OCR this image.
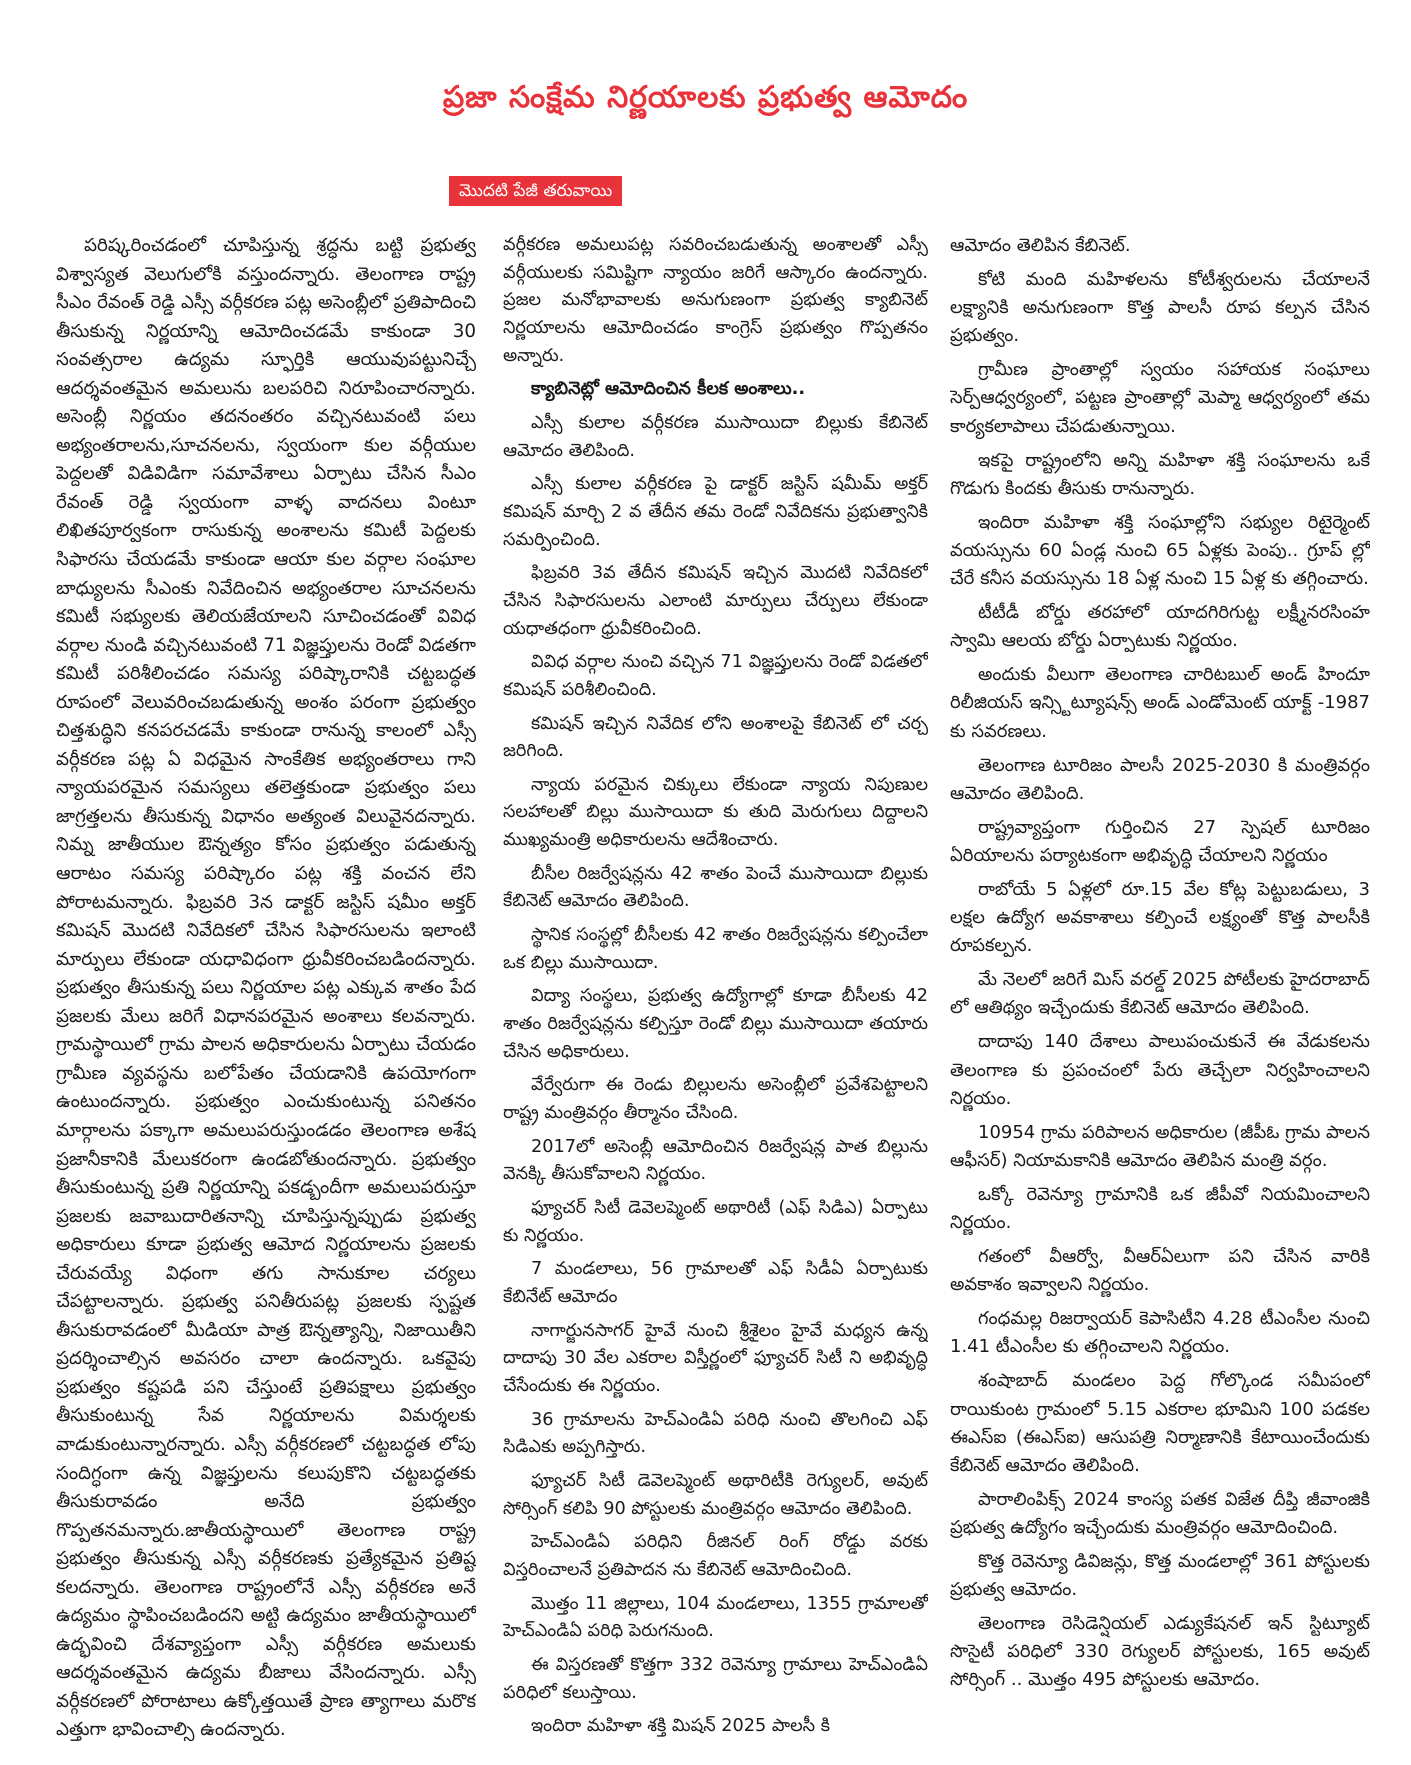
ప్రజా సంక్షేమ నిర్ణయాలకు ప్రభుత్వ ఆమోదం
మొదటి పేజీ తరువాయి

పరిష్కరించడంలో చూపిస్తున్న శ్రద్ధను బట్టి ప్రభుత్వ విశ్వాస్యత వెలుగులోకి వస్తుందన్నారు. తెలంగాణ రాష్ట్ర సీఎం రేవంత్ రెడ్డి ఎస్సీ వర్గీకరణ పట్ల అసెంబ్లీలో ప్రతిపాదించి తీసుకున్న నిర్ణయాన్ని ఆమోదించడమే కాకుండా 30 సంవత్సరాల ఉద్యమ స్ఫూర్తికి ఆయువుపట్టునిచ్చే ఆదర్శవంతమైన అమలును బలపరిచి నిరూపించారన్నారు. అసెంబ్లీ నిర్ణయం తదనంతరం వచ్చినటువంటి పలు అభ్యంతరాలను,సూచనలను, స్వయంగా కుల వర్గీయుల పెద్దలతో విడివిడిగా సమావేశాలు ఏర్పాటు చేసిన సీఎం రేవంత్ రెడ్డి స్వయంగా వాళ్ళ వాదనలు వింటూ లిఖితపూర్వకంగా రాసుకున్న అంశాలను కమిటీ పెద్దలకు సిఫారసు చేయడమే కాకుండా ఆయా కుల వర్గాల సంఘాల బాధ్యులను సీఎంకు నివేదించిన అభ్యంతరాల సూచనలను కమిటీ సభ్యులకు తెలియజేయాలని సూచించడంతో వివిధ వర్గాల నుండి వచ్చినటువంటి 71 విజ్ఞప్తులను రెండో విడతగా కమిటీ పరిశీలించడం సమస్య పరిష్కారానికి చట్టబద్ధత రూపంలో వెలువరించబడుతున్న అంశం పరంగా ప్రభుత్వం చిత్తశుద్ధిని కనపరచడమే కాకుండా రానున్న కాలంలో ఎస్సీ వర్గీకరణ పట్ల ఏ విధమైన సాంకేతిక అభ్యంతరాలు గాని న్యాయపరమైన సమస్యలు తలెత్తకుండా ప్రభుత్వం పలు జాగ్రత్తలను తీసుకున్న విధానం అత్యంత విలువైనదన్నారు. నిమ్న జాతీయుల ఔన్నత్యం కోసం ప్రభుత్వం పడుతున్న ఆరాటం సమస్య పరిష్కారం పట్ల శక్తి వంచన లేని పోరాటమన్నారు. ఫిబ్రవరి 3న డాక్టర్ జస్టిస్ షమీం అక్తర్ కమిషన్ మొదటి నివేదికలో చేసిన సిఫారసులను ఇలాంటి మార్పులు లేకుండా యధావిధంగా ధ్రువీకరించబడిందన్నారు. ప్రభుత్వం తీసుకున్న పలు నిర్ణయాల పట్ల ఎక్కువ శాతం పేద ప్రజలకు మేలు జరిగే విధానపరమైన అంశాలు కలవన్నారు. గ్రామస్థాయిలో గ్రామ పాలన అధికారులను ఏర్పాటు చేయడం గ్రామీణ వ్యవస్థను బలోపేతం చేయడానికి ఉపయోగంగా ఉంటుందన్నారు. ప్రభుత్వం ఎంచుకుంటున్న పనితనం మార్గాలను పక్కాగా అమలుపరుస్తుండడం తెలంగాణ అశేష ప్రజానీకానికి మేలుకరంగా ఉండబోతుందన్నారు. ప్రభుత్వం తీసుకుంటున్న ప్రతి నిర్ణయాన్ని పకడ్బందీగా అమలుపరుస్తూ ప్రజలకు జవాబుదారితనాన్ని చూపిస్తున్నప్పుడు ప్రభుత్వ అధికారులు కూడా ప్రభుత్వ ఆమోద నిర్ణయాలను ప్రజలకు చేరువయ్యే విధంగా తగు సానుకూల చర్యలు చేపట్టాలన్నారు. ప్రభుత్వ పనితీరుపట్ల ప్రజలకు స్పష్టత తీసుకురావడంలో మీడియా పాత్ర ఔన్నత్యాన్ని, నిజాయితీని ప్రదర్శించాల్సిన అవసరం చాలా ఉందన్నారు. ఒకవైపు ప్రభుత్వం కష్టపడి పని చేస్తుంటే ప్రతిపక్షాలు ప్రభుత్వం తీసుకుంటున్న సేవ నిర్ణయాలను విమర్శలకు వాడుకుంటున్నారన్నారు. ఎస్సీ వర్గీకరణలో చట్టబద్ధత లోపు సందిగ్ధంగా ఉన్న విజ్ఞప్తులను కలుపుకొని చట్టబద్ధతకు తీసుకురావడం అనేది ప్రభుత్వం గొప్పతనమన్నారు.జాతీయస్థాయిలో తెలంగాణ రాష్ట్ర ప్రభుత్వం తీసుకున్న ఎస్సీ వర్గీకరణకు ప్రత్యేకమైన ప్రతిష్ట కలదన్నారు. తెలంగాణ రాష్ట్రంలోనే ఎస్సీ వర్గీకరణ అనే ఉద్యమం స్థాపించబడిందని అట్టి ఉద్యమం జాతీయస్థాయిలో ఉద్భవించి దేశవ్యాప్తంగా ఎస్సీ వర్గీకరణ అమలుకు ఆదర్శవంతమైన ఉద్యమ బీజాలు వేసిందన్నారు. ఎస్సీ వర్గీకరణలో పోరాటాలు ఉక్కోత్తయితే ప్రాణ త్యాగాలు మరొక ఎత్తుగా భావించాల్సి ఉందన్నారు.

వర్గీకరణ అమలుపట్ల సవరించబడుతున్న అంశాలతో ఎస్సీ వర్గీయులకు సమిష్టిగా న్యాయం జరిగే ఆస్కారం ఉందన్నారు. ప్రజల మనోభావాలకు అనుగుణంగా ప్రభుత్వ క్యాబినెట్ నిర్ణయాలను ఆమోదించడం కాంగ్రెస్ ప్రభుత్వం గొప్పతనం అన్నారు.

క్యాబినెట్లో ఆమోదించిన కీలక అంశాలు..

ఎస్సీ కులాల వర్గీకరణ ముసాయిదా బిల్లుకు కేబినెట్ ఆమోదం తెలిపింది.

ఎస్సీ కులాల వర్గీకరణ పై డాక్టర్ జస్టిస్ షమీమ్ అక్తర్ కమిషన్ మార్చి 2 వ తేదీన తమ రెండో నివేదికను ప్రభుత్వానికి సమర్పించింది.

ఫిబ్రవరి 3వ తేదీన కమిషన్ ఇచ్చిన మొదటి నివేదికలో చేసిన సిఫారసులను ఎలాంటి మార్పులు చేర్పులు లేకుండా యధాతధంగా ధ్రువీకరించింది.

వివిధ వర్గాల నుంచి వచ్చిన 71 విజ్ఞప్తులను రెండో విడతలో కమిషన్ పరిశీలించింది.

కమిషన్ ఇచ్చిన నివేదిక లోని అంశాలపై కేబినెట్ లో చర్చ జరిగింది.

న్యాయ పరమైన చిక్కులు లేకుండా న్యాయ నిపుణుల సలహాలతో బిల్లు ముసాయిదా కు తుది మెరుగులు దిద్దాలని ముఖ్యమంత్రి అధికారులను ఆదేశించారు.

బీసీల రిజర్వేషన్లను 42 శాతం పెంచే ముసాయిదా బిల్లుకు కేబినెట్ ఆమోదం తెలిపింది.

స్థానిక సంస్థల్లో బీసీలకు 42 శాతం రిజర్వేషన్లను కల్పించేలా ఒక బిల్లు ముసాయిదా.

విద్యా సంస్థలు, ప్రభుత్వ ఉద్యోగాల్లో కూడా బీసీలకు 42 శాతం రిజర్వేషన్లను కల్పిస్తూ రెండో బిల్లు ముసాయిదా తయారు చేసిన అధికారులు.

వేర్వేరుగా ఈ రెండు బిల్లులను అసెంబ్లీలో ప్రవేశపెట్టాలని రాష్ట్ర మంత్రివర్గం తీర్మానం చేసింది.

2017లో అసెంబ్లీ ఆమోదించిన రిజర్వేషన్ల పాత బిల్లును వెనక్కి తీసుకోవాలని నిర్ణయం.

ఫ్యూచర్ సిటీ డెవెలప్మెంట్ అథారిటీ (ఎఫ్ సిడిఎ) ఏర్పాటు కు నిర్ణయం.

7 మండలాలు, 56 గ్రామాలతో ఎఫ్ సిడీఏ ఏర్పాటుకు కేబినేట్ ఆమోదం

నాగార్జునసాగర్ హైవే నుంచి శ్రీశైలం హైవే మధ్యన ఉన్న దాదాపు 30 వేల ఎకరాల విస్తీర్ణంలో ఫ్యూచర్ సిటీ ని అభివృద్ధి చేసేందుకు ఈ నిర్ణయం.

36 గ్రామాలను హెచ్ఎండిఏ పరిధి నుంచి తొలగించి ఎఫ్ సిడిఎకు అప్పగిస్తారు.

ఫ్యూచర్ సిటీ డెవెలప్మెంట్ అథారిటీకి రెగ్యులర్, అవుట్ సోర్సింగ్ కలిపి 90 పోస్టులకు మంత్రివర్గం ఆమోదం తెలిపింది.

హెచ్ఎండిఏ పరిధిని రీజినల్ రింగ్ రోడ్డు వరకు విస్తరించాలనే ప్రతిపాదన ను కేబినెట్ ఆమోదించింది.

మొత్తం 11 జిల్లాలు, 104 మండలాలు, 1355 గ్రామాలతో హెచ్ఎండిఏ పరిధి పెరుగనుంది.

ఈ విస్తరణతో కొత్తగా 332 రెవెన్యూ గ్రామాలు హెచ్ఎండిఏ పరిధిలో కలుస్తాయి.

ఇందిరా మహిళా శక్తి మిషన్ 2025 పాలసీ కి

ఆమోదం తెలిపిన కేబినెట్.

కోటి మంది మహిళలను కోటీశ్వరులను చేయాలనే లక్ష్యానికి అనుగుణంగా కొత్త పాలసీ రూప కల్పన చేసిన ప్రభుత్వం.

గ్రామీణ ప్రాంతాల్లో స్వయం సహాయక సంఘాలు సెర్ప్ఆధ్వర్యంలో, పట్టణ ప్రాంతాల్లో మెప్మా ఆధ్వర్యంలో తమ కార్యకలాపాలు చేపడుతున్నాయి.

ఇకపై రాష్ట్రంలోని అన్ని మహిళా శక్తి సంఘాలను ఒకే గొడుగు కిందకు తీసుకు రానున్నారు.

ఇందిరా మహిళా శక్తి సంఘాల్లోని సభ్యుల రిటైర్మెంట్ వయస్సును 60 ఏండ్ల నుంచి 65 ఏళ్లకు పెంపు.. గ్రూప్ ల్లో చేరే కనీస వయస్సును 18 ఏళ్ల నుంచి 15 ఏళ్ల కు తగ్గించారు.

టీటీడీ బోర్డు తరహాలో యాదగిరిగుట్ట లక్ష్మీనరసింహ స్వామి ఆలయ బోర్డు ఏర్పాటుకు నిర్ణయం.

అందుకు వీలుగా తెలంగాణ చారిటబుల్ అండ్ హిందూ రిలీజియస్ ఇన్స్టిట్యూషన్స్ అండ్ ఎండోమెంట్ యాక్ట్ -1987 కు సవరణలు.

తెలంగాణ టూరిజం పాలసీ 2025-2030 కి మంత్రివర్గం ఆమోదం తెలిపింది.

రాష్ట్రవ్యాప్తంగా గుర్తించిన 27 స్పెషల్ టూరిజం ఏరియాలను పర్యాటకంగా అభివృద్ధి చేయాలని నిర్ణయం

రాబోయే 5 ఏళ్లలో రూ.15 వేల కోట్ల పెట్టుబడులు, 3 లక్షల ఉద్యోగ అవకాశాలు కల్పించే లక్ష్యంతో కొత్త పాలసీకి రూపకల్పన.

మే నెలలో జరిగే మిస్ వరల్డ్ 2025 పోటీలకు హైదరాబాద్ లో ఆతిథ్యం ఇచ్చేందుకు కేబినెట్ ఆమోదం తెలిపింది.

దాదాపు 140 దేశాలు పాలుపంచుకునే ఈ వేడుకలను తెలంగాణ కు ప్రపంచంలో పేరు తెచ్చేలా నిర్వహించాలని నిర్ణయం.

10954 గ్రామ పరిపాలన అధికారుల (జీపీఓ గ్రామ పాలన ఆఫీసర్) నియామకానికి ఆమోదం తెలిపిన మంత్రి వర్గం.

ఒక్కో రెవెన్యూ గ్రామానికి ఒక జీపీవో నియమించాలని నిర్ణయం.

గతంలో వీఆర్వో, వీఆర్ఏలుగా పని చేసిన వారికి అవకాశం ఇవ్వాలని నిర్ణయం.

గంధమల్ల రిజర్వాయర్ కెపాసిటీని 4.28 టీఎంసీల నుంచి 1.41 టీఎంసీల కు తగ్గించాలని నిర్ణయం.

శంషాబాద్ మండలం పెద్ద గోల్కొండ సమీపంలో రాయికుంట గ్రామంలో 5.15 ఎకరాల భూమిని 100 పడకల ఈఎస్ఐ (ఈఎస్ఐ) ఆసుపత్రి నిర్మాణానికి కేటాయించేందుకు కేబినెట్ ఆమోదం తెలిపింది.

పారాలింపిక్స్ 2024 కాంస్య పతక విజేత దీప్తి జీవాంజికి ప్రభుత్వ ఉద్యోగం ఇచ్చేందుకు మంత్రివర్గం ఆమోదించింది.

కొత్త రెవెన్యూ డివిజన్లు, కొత్త మండలాల్లో 361 పోస్టులకు ప్రభుత్వ ఆమోదం.

తెలంగాణ రెసిడెన్షియల్ ఎడ్యుకేషనల్ ఇన్ స్టిట్యూట్ సొసైటీ పరిధిలో 330 రెగ్యులర్ పోస్టులకు, 165 అవుట్ సోర్సింగ్ .. మొత్తం 495 పోస్టులకు ఆమోదం.
